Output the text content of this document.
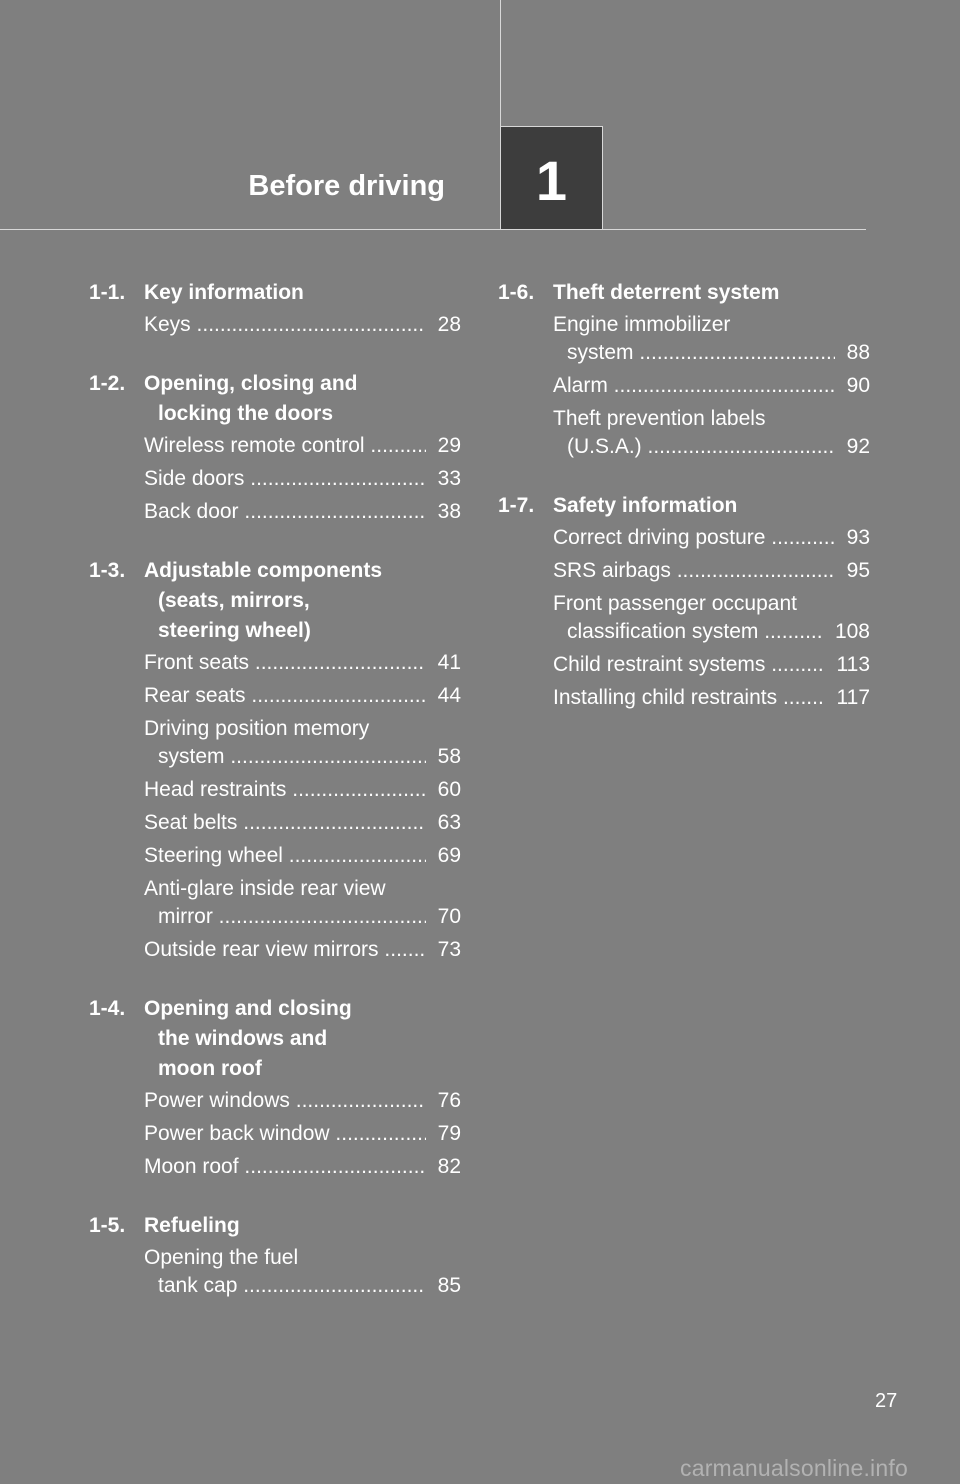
Before driving 1
1-1. Key information
Keys .....	28
1-2. Opening, closing and
locking the doors
Wireless remote control .....	29
Side doors .....	33
Back door .....	38
1-3. Adjustable components
(seats, mirrors,
steering wheel)
Front seats .....	41
Rear seats .....	44
Driving position memory
system .....	58
Head restraints .....	60
Seat belts .....	63
Steering wheel .....	69
Anti-glare inside rear view
mirror .....	70
Outside rear view mirrors .....	73
1-4. Opening and closing
the windows and
moon roof
Power windows .....	76
Power back window .....	79
Moon roof .....	82
1-5. Refueling
Opening the fuel
tank cap .....	85
1-6. Theft deterrent system
Engine immobilizer
system .....	88
Alarm .....	90
Theft prevention labels
(U.S.A.) .....	92
1-7. Safety information
Correct driving posture .....	93
SRS airbags .....	95
Front passenger occupant
classification system .....	108
Child restraint systems .....	113
Installing child restraints .....	117
27
carmanualsonline.info
